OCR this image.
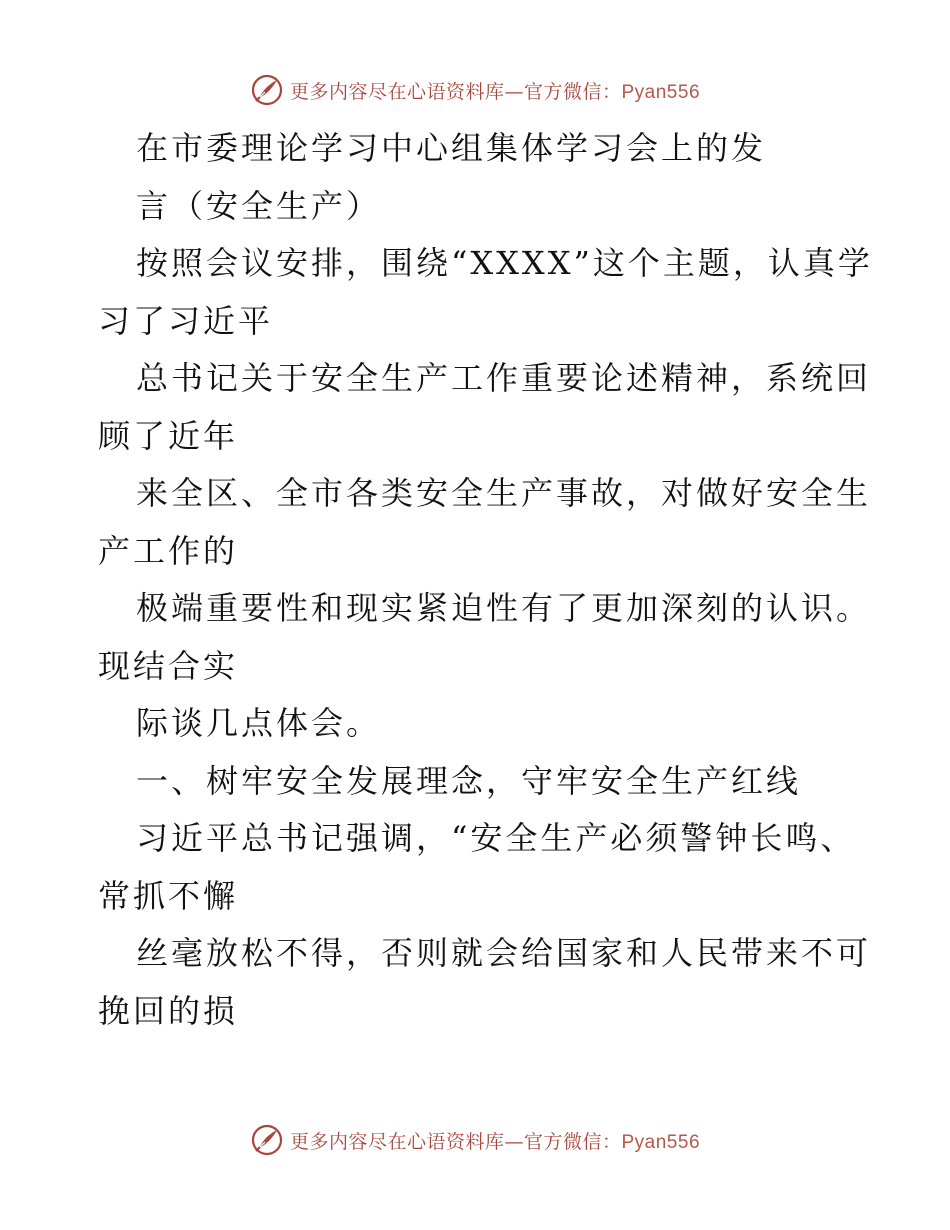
更多内容尽在心语资料库—官方微信：Pyan556
在市委理论学习中心组集体学习会上的发
言（安全生产）
按照会议安排，围绕“XXXX”这个主题，认真学
习了习近平
总书记关于安全生产工作重要论述精神，系统回
顾了近年
来全区、全市各类安全生产事故，对做好安全生
产工作的
极端重要性和现实紧迫性有了更加深刻的认识。
现结合实
际谈几点体会。
一、树牢安全发展理念，守牢安全生产红线
习近平总书记强调，“安全生产必须警钟长鸣、
常抓不懈
丝毫放松不得，否则就会给国家和人民带来不可
挽回的损
更多内容尽在心语资料库—官方微信：Pyan556
